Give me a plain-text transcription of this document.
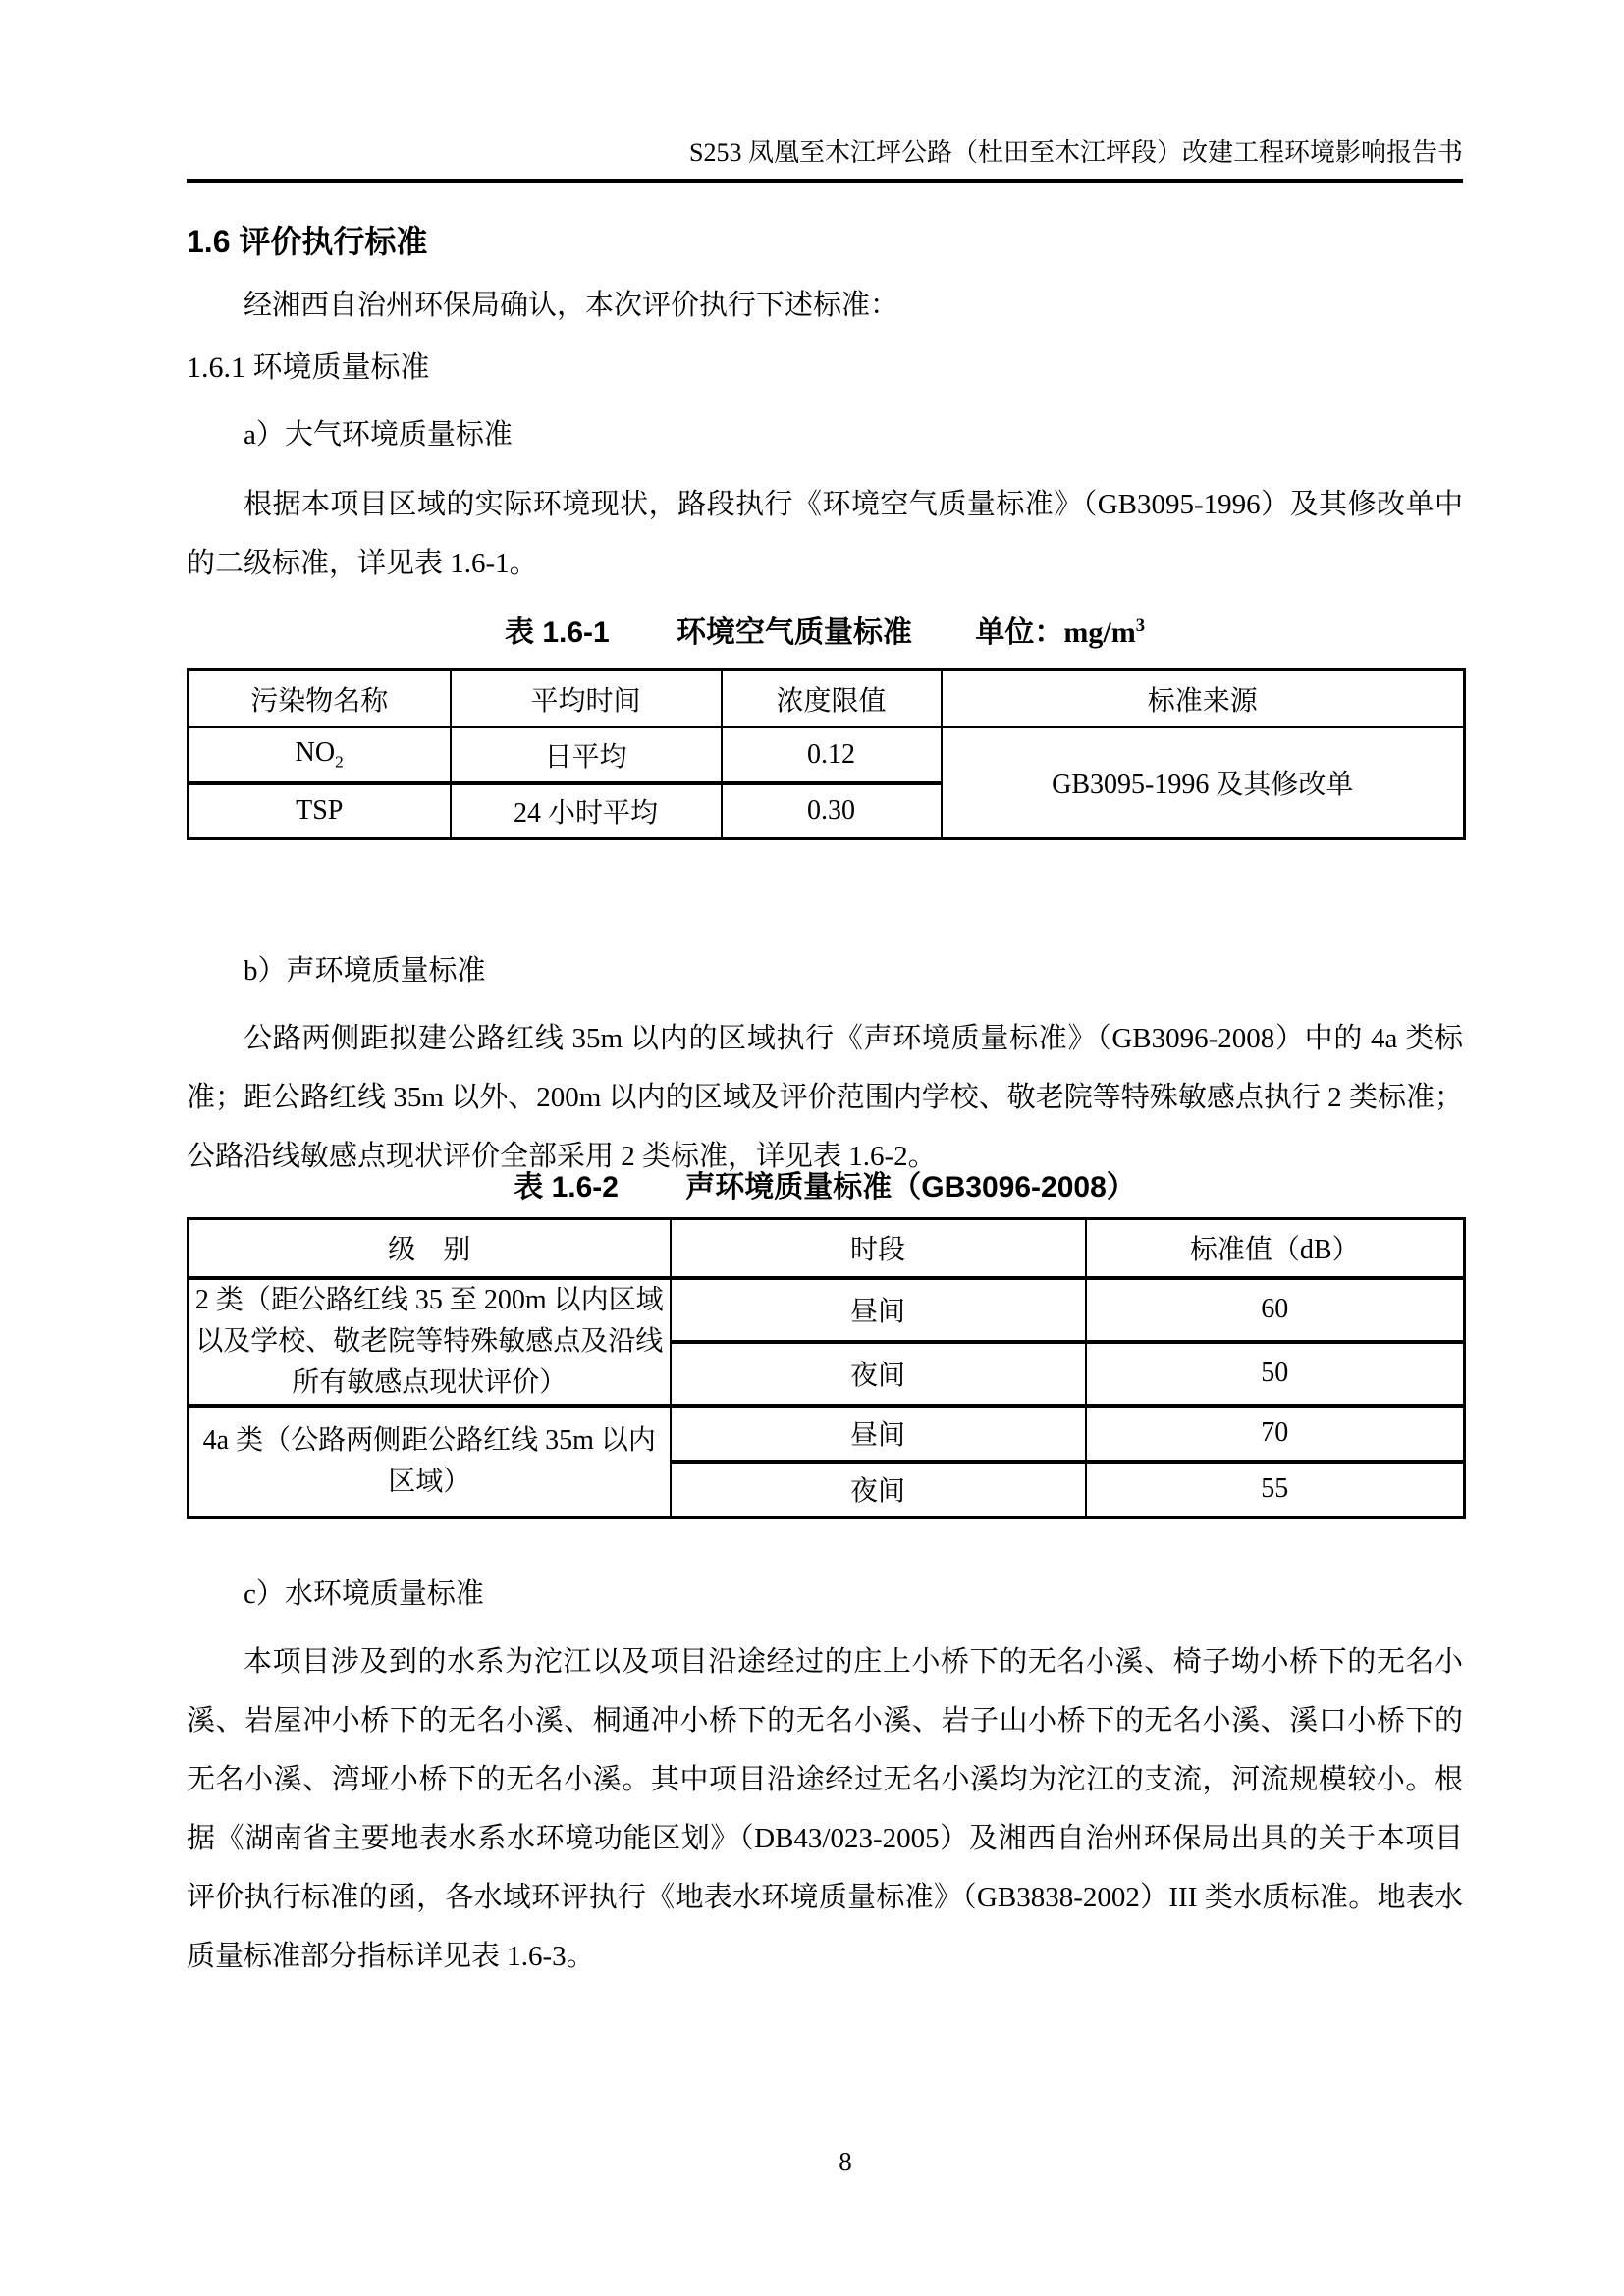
S253 凤凰至木江坪公路（杜田至木江坪段）改建工程环境影响报告书
1.6 评价执行标准
经湘西自治州环保局确认，本次评价执行下述标准：
1.6.1 环境质量标准
a）大气环境质量标准
根据本项目区域的实际环境现状，路段执行《环境空气质量标准》（GB3095-1996）及其修改单中的二级标准，详见表 1.6-1。
表 1.6-1 环境空气质量标准 单位：$mg/m^3$
污染物名称	平均时间	浓度限值	标准来源
$NO_2$	日平均	0.12	GB3095-1996 及其修改单
TSP	24 小时平均	0.30	
b）声环境质量标准
公路两侧距拟建公路红线 35m 以内的区域执行《声环境质量标准》（GB3096-2008）中的 4a 类标准；距公路红线 35m 以外、200m 以内的区域及评价范围内学校、敬老院等特殊敏感点执行 2 类标准；公路沿线敏感点现状评价全部采用 2 类标准，详见表 1.6-2。
表 1.6-2 声环境质量标准（GB3096-2008）
级　别	时段	标准值（dB）
2 类（距公路红线 35 至 200m 以内区域以及学校、敬老院等特殊敏感点及沿线所有敏感点现状评价）	昼间	60
	夜间	50
4a 类（公路两侧距公路红线 35m 以内区域）	昼间	70
	夜间	55
c）水环境质量标准
本项目涉及到的水系为沱江以及项目沿途经过的庄上小桥下的无名小溪、椅子坳小桥下的无名小溪、岩屋冲小桥下的无名小溪、桐通冲小桥下的无名小溪、岩子山小桥下的无名小溪、溪口小桥下的无名小溪、湾垭小桥下的无名小溪。其中项目沿途经过无名小溪均为沱江的支流，河流规模较小。根据《湖南省主要地表水系水环境功能区划》（DB43/023-2005）及湘西自治州环保局出具的关于本项目评价执行标准的函，各水域环评执行《地表水环境质量标准》（GB3838-2002）III 类水质标准。地表水质量标准部分指标详见表 1.6-3。
8
